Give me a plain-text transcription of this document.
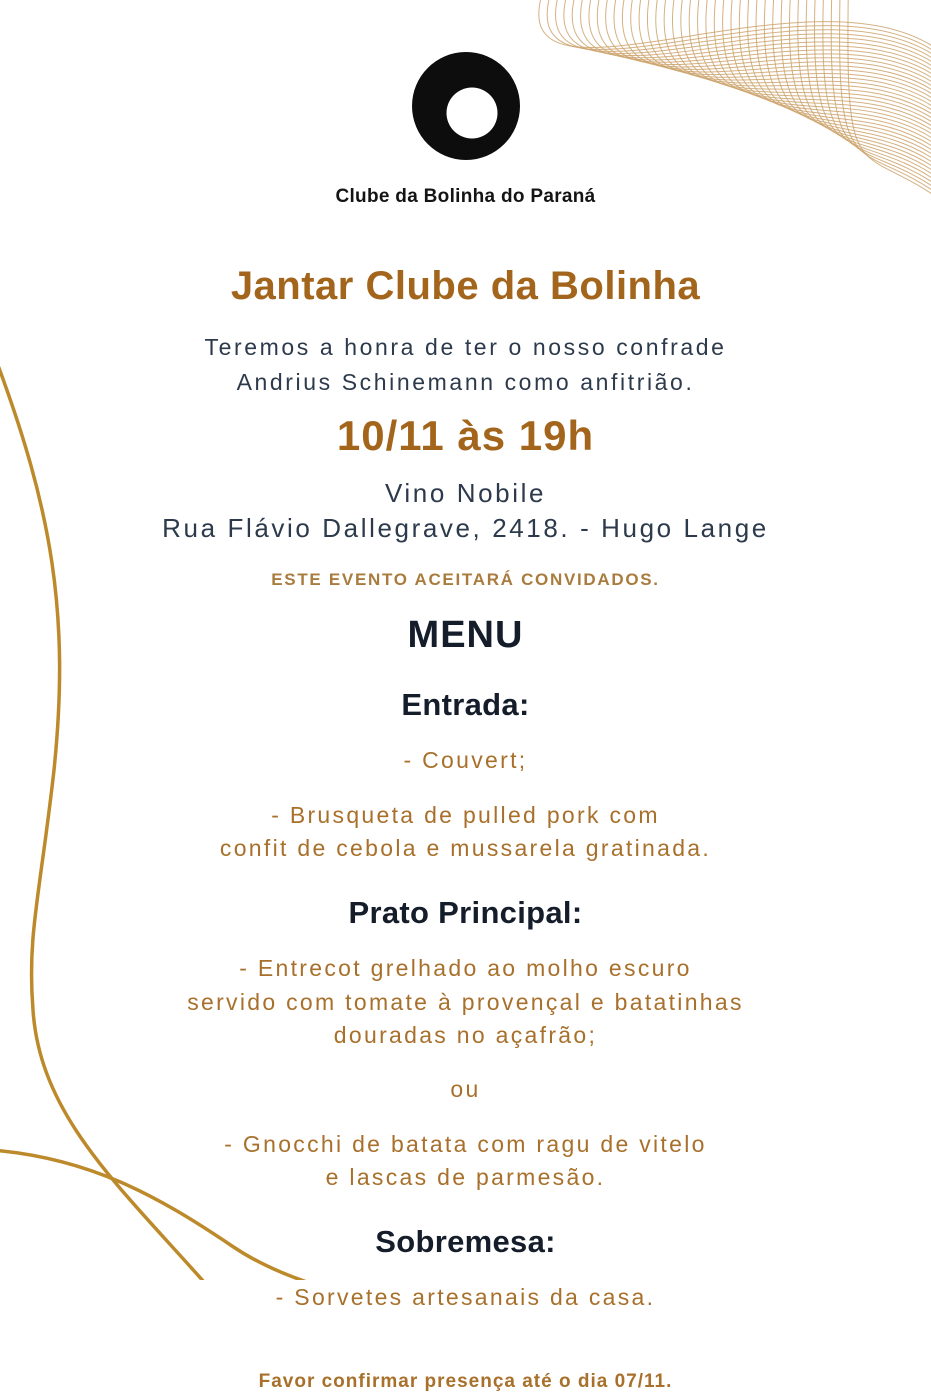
Clube da Bolinha do Paraná
Jantar Clube da Bolinha

Teremos a honra de ter o nosso confrade
Andrius Schinemann como anfitrião.

10/11 às 19h
Vino Nobile
Rua Flávio Dallegrave, 2418. - Hugo Lange
ESTE EVENTO ACEITARÁ CONVIDADOS.
MENU
Entrada:

- Couvert;

- Brusqueta de pulled pork com
confit de cebola e mussarela gratinada.

Prato Principal:

- Entrecot grelhado ao molho escuro
servido com tomate à provençal e batatinhas
douradas no açafrão;

ou

- Gnocchi de batata com ragu de vitelo
e lascas de parmesão.

Sobremesa:

- Sorvetes artesanais da casa.

Favor confirmar presença até o dia 07/11.
